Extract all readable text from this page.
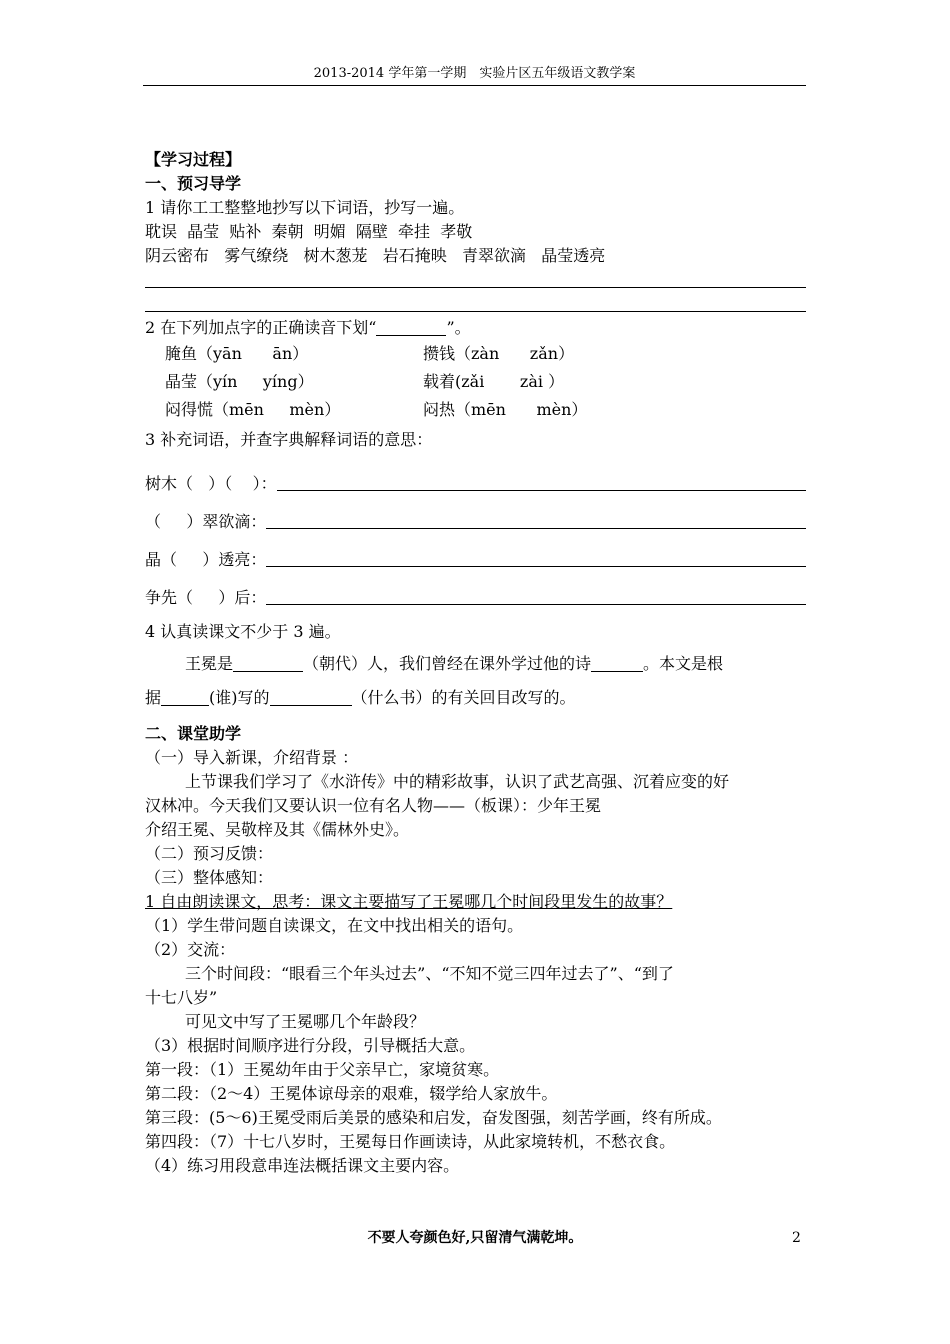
2013-2014 学年第一学期　实验片区五年级语文教学案
【学习过程】
一、预习导学
1 请你工工整整地抄写以下词语，抄写一遍。
耽误  晶莹  贴补  秦朝  明媚  隔壁  牵挂  孝敬
阴云密布   雾气缭绕   树木葱茏   岩石掩映   青翠欲滴   晶莹透亮
2 在下列加点字的正确读音下划“	”。
腌鱼（yān      ān）	攒钱（zàn      zǎn）
晶莹（yín     yíng）	载着(zǎi       zài ）
闷得慌（mēn     mèn）	闷热（mēn      mèn）
3 补充词语，并查字典解释词语的意思：
树木（   ）（    ）：
（     ）翠欲滴：
晶（     ）透亮：
争先（     ）后：
4 认真读课文不少于 3 遍。
王冕是	（朝代）人，我们曾经在课外学过他的诗	。本文是根
据	(谁)写的	（什么书）的有关回目改写的。
二、课堂助学
（一）导入新课，介绍背景 ：
上节课我们学习了《水浒传》中的精彩故事，认识了武艺高强、沉着应变的好
汉林冲。今天我们又要认识一位有名人物——（板课）：少年王冕
介绍王冕、吴敬梓及其《儒林外史》。
（二）预习反馈：
（三）整体感知：
1 自由朗读课文，思考：课文主要描写了王冕哪几个时间段里发生的故事？
（1）学生带问题自读课文，在文中找出相关的语句。
（2）交流：
三个时间段：“眼看三个年头过去”、“不知不觉三四年过去了”、“到了
十七八岁”
可见文中写了王冕哪几个年龄段？
（3）根据时间顺序进行分段，引导概括大意。
第一段：（1）王冕幼年由于父亲早亡，家境贫寒。
第二段：（2～4）王冕体谅母亲的艰难，辍学给人家放牛。
第三段：(5～6)王冕受雨后美景的感染和启发，奋发图强，刻苦学画，终有所成。
第四段：（7）十七八岁时，王冕每日作画读诗，从此家境转机，不愁衣食。
（4）练习用段意串连法概括课文主要内容。
不要人夸颜色好,只留清气满乾坤。	2
